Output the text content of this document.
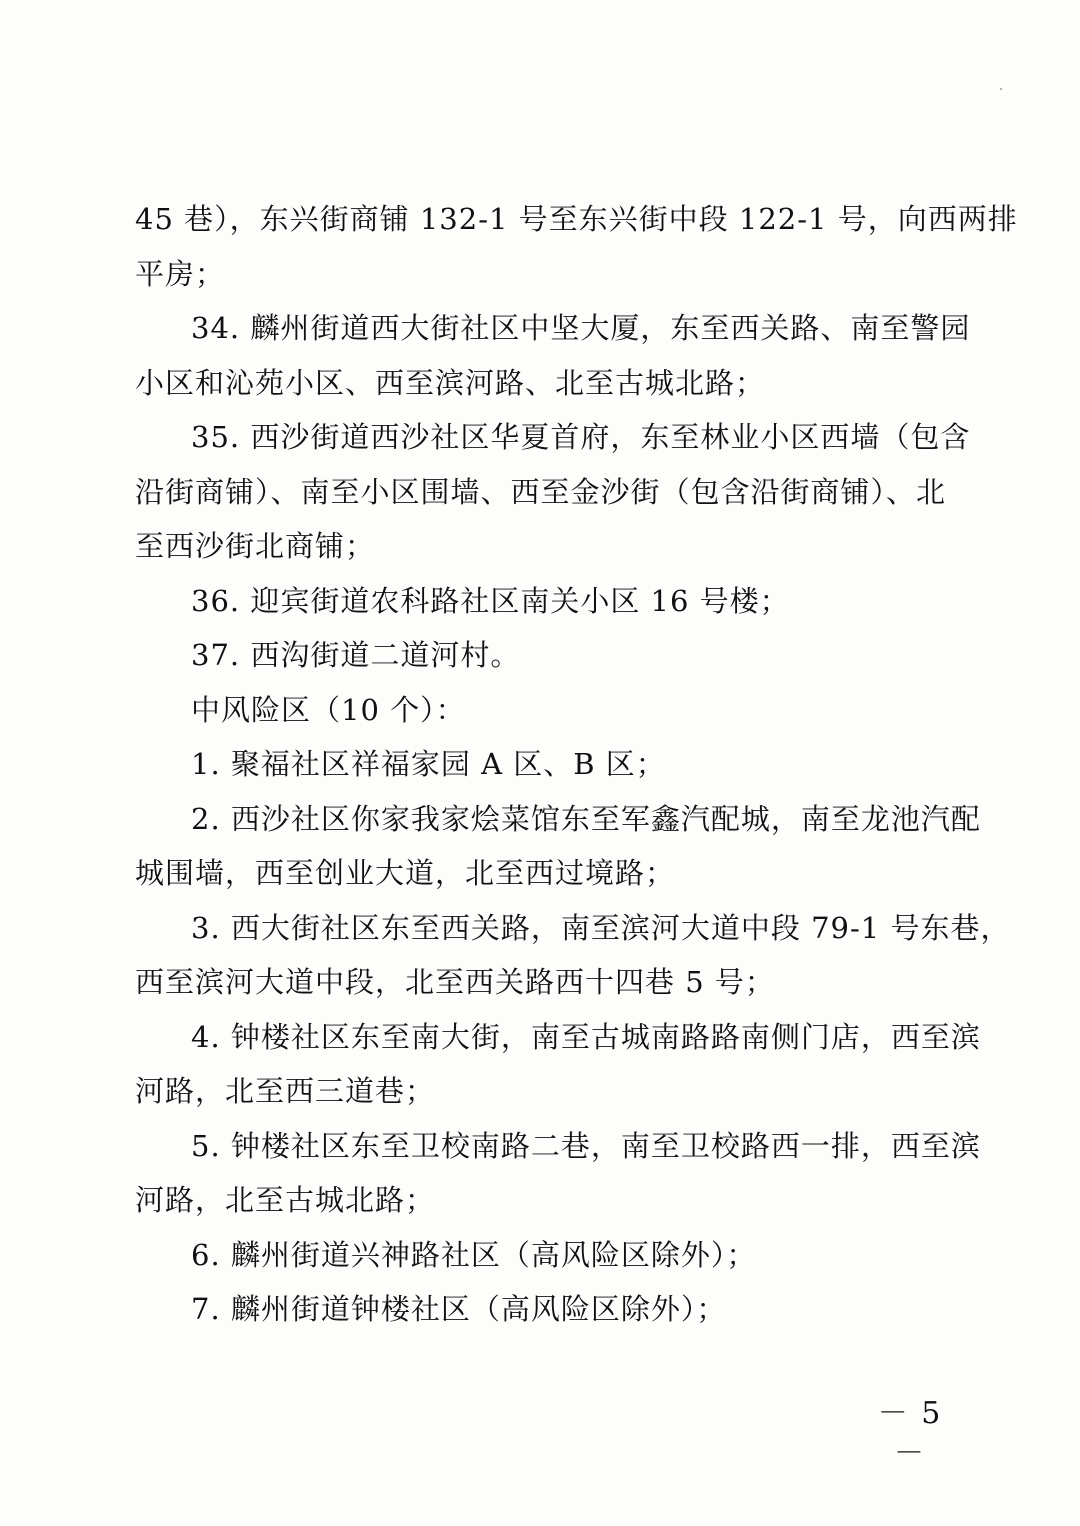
45 巷），东兴街商铺 132-1 号至东兴街中段 122-1 号，向西两排
平房；
34. 麟州街道西大街社区中坚大厦，东至西关路、南至警园
小区和沁苑小区、西至滨河路、北至古城北路；
35. 西沙街道西沙社区华夏首府，东至林业小区西墙（包含
沿街商铺）、南至小区围墙、西至金沙街（包含沿街商铺）、北
至西沙街北商铺；
36. 迎宾街道农科路社区南关小区 16 号楼；
37. 西沟街道二道河村。
中风险区（10 个）：
1. 聚福社区祥福家园 A 区、B 区；
2. 西沙社区你家我家烩菜馆东至军鑫汽配城，南至龙池汽配
城围墙，西至创业大道，北至西过境路；
3. 西大街社区东至西关路，南至滨河大道中段 79-1 号东巷，
西至滨河大道中段，北至西关路西十四巷 5 号；
4. 钟楼社区东至南大街，南至古城南路路南侧门店，西至滨
河路，北至西三道巷；
5. 钟楼社区东至卫校南路二巷，南至卫校路西一排，西至滨
河路，北至古城北路；
6. 麟州街道兴神路社区（高风险区除外）；
7. 麟州街道钟楼社区（高风险区除外）；
－ 5 －
